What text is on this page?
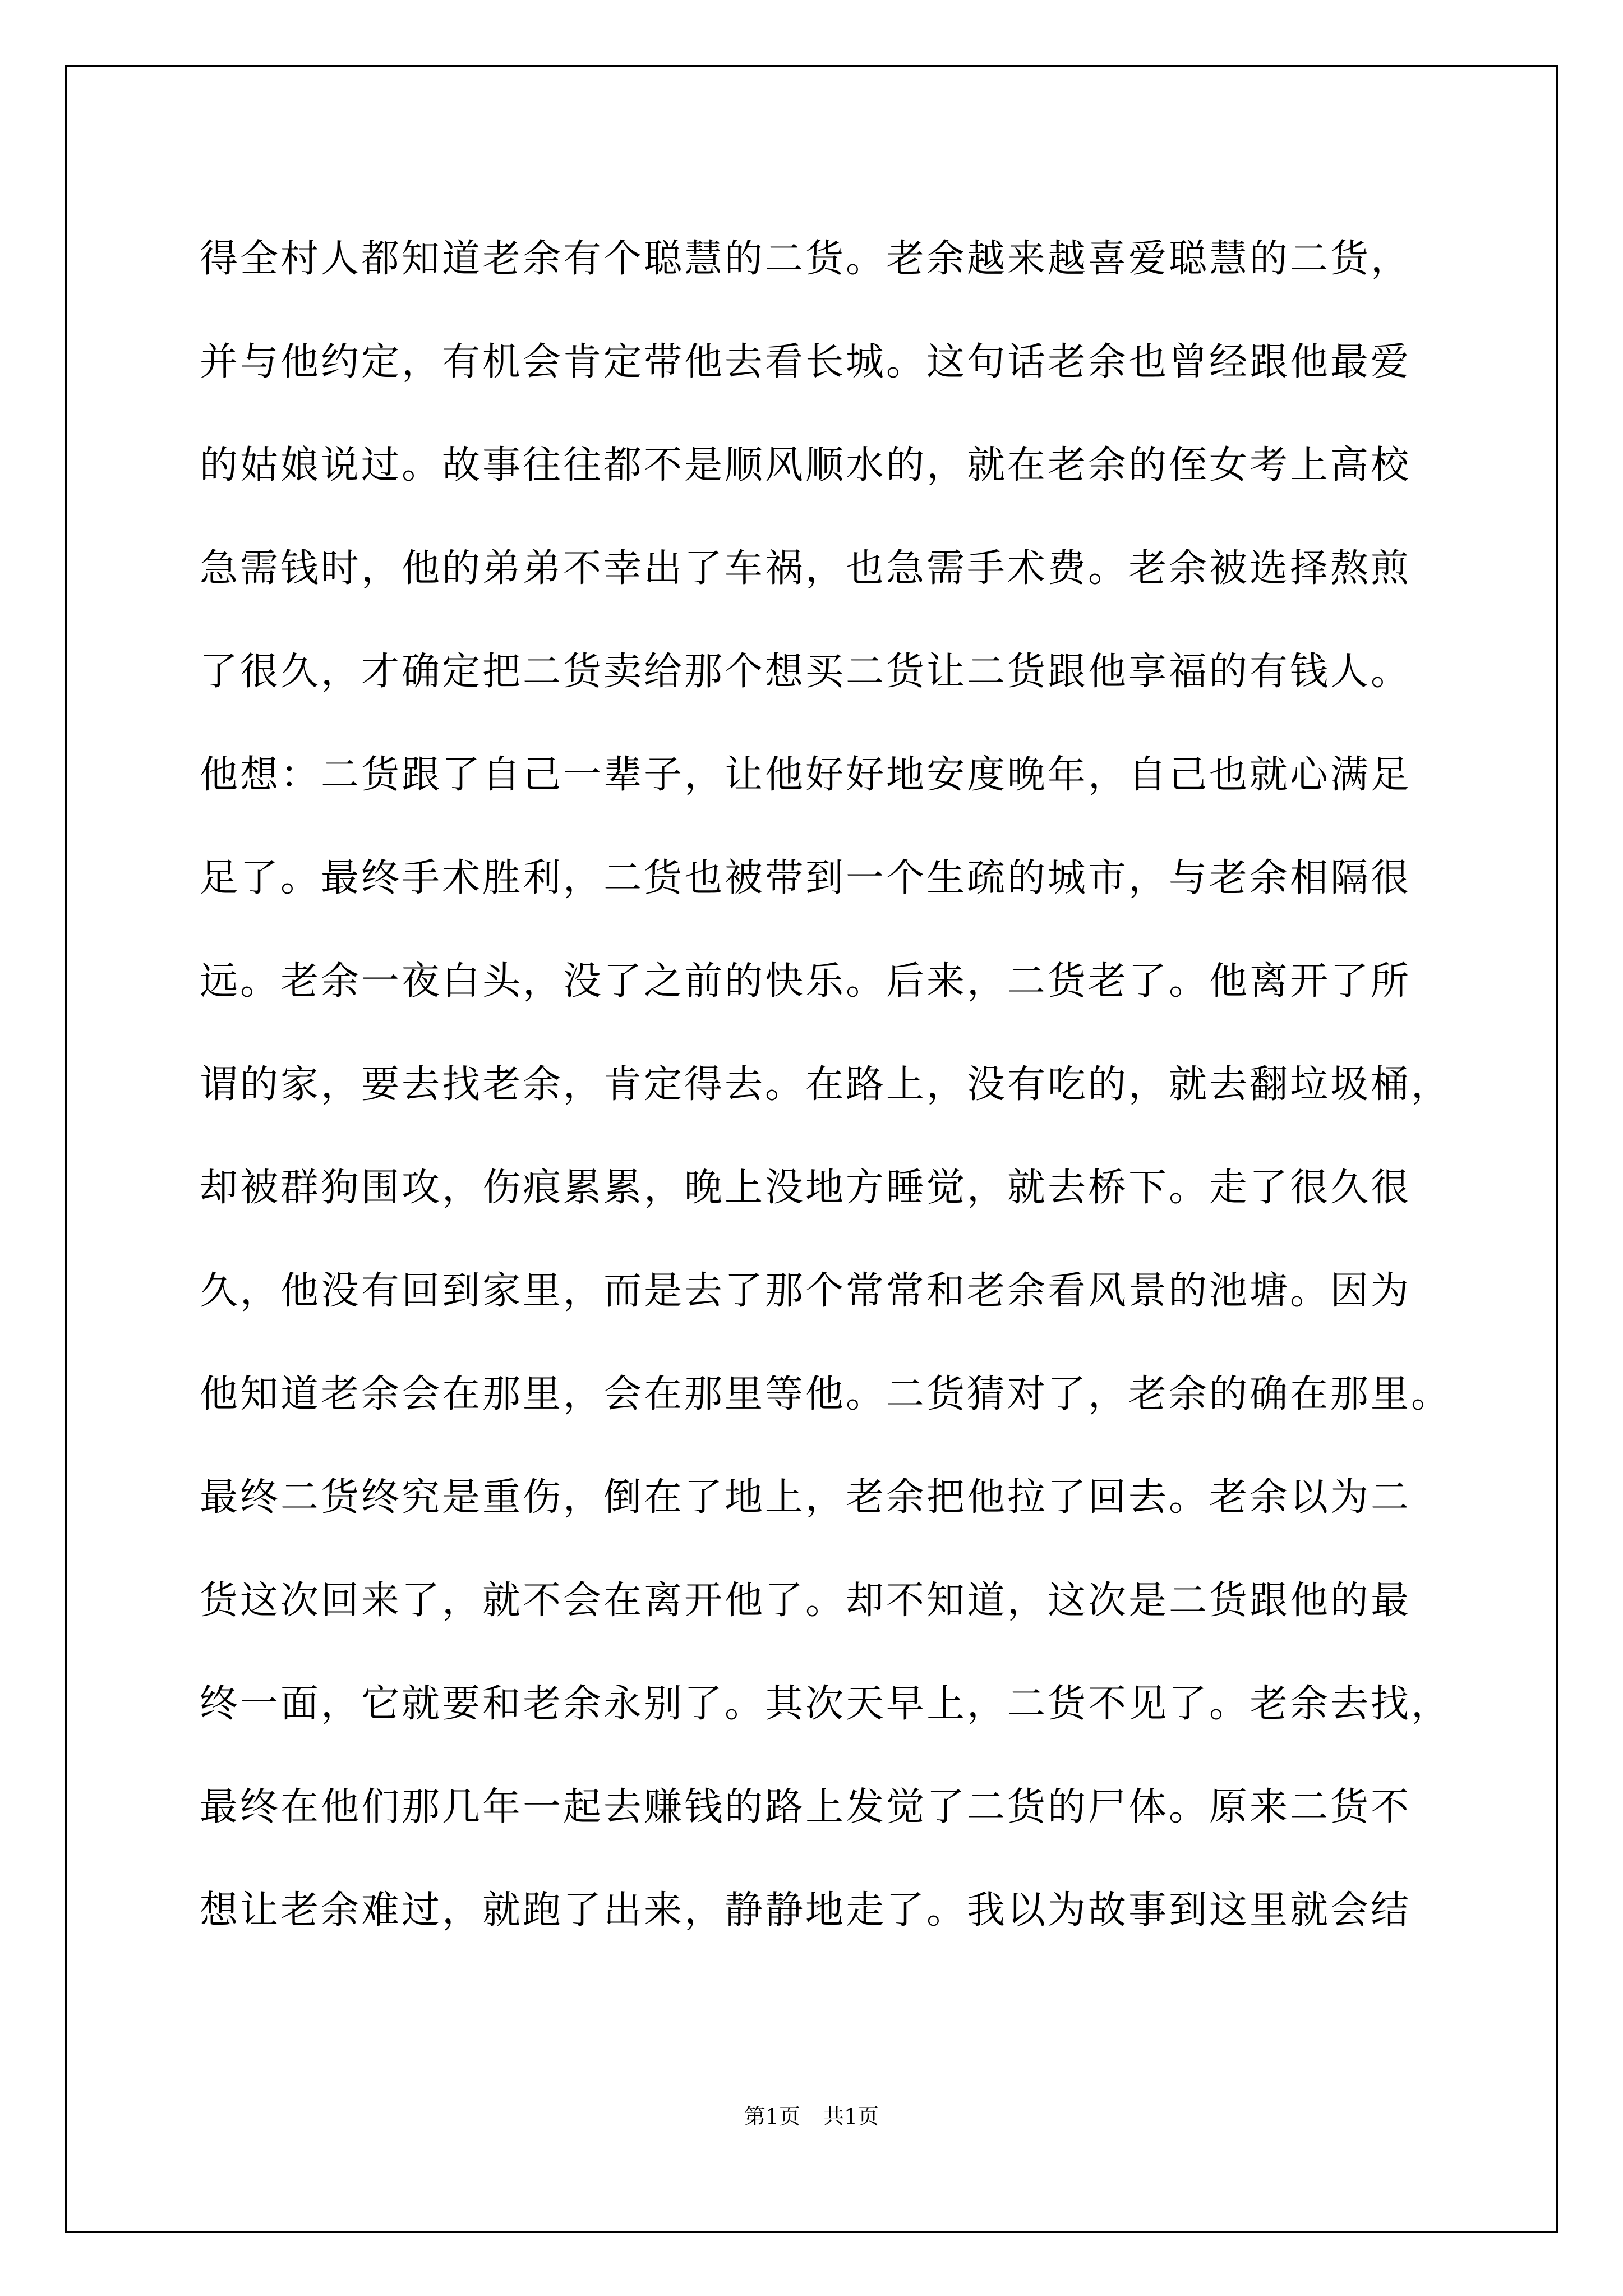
得全村人都知道老余有个聪慧的二货。老余越来越喜爱聪慧的二货，
并与他约定，有机会肯定带他去看长城。这句话老余也曾经跟他最爱
的姑娘说过。故事往往都不是顺风顺水的，就在老余的侄女考上高校
急需钱时，他的弟弟不幸出了车祸，也急需手术费。老余被选择熬煎
了很久，才确定把二货卖给那个想买二货让二货跟他享福的有钱人。
他想：二货跟了自己一辈子，让他好好地安度晚年，自己也就心满足
足了。最终手术胜利，二货也被带到一个生疏的城市，与老余相隔很
远。老余一夜白头，没了之前的快乐。后来，二货老了。他离开了所
谓的家，要去找老余，肯定得去。在路上，没有吃的，就去翻垃圾桶，
却被群狗围攻，伤痕累累，晚上没地方睡觉，就去桥下。走了很久很
久，他没有回到家里，而是去了那个常常和老余看风景的池塘。因为
他知道老余会在那里，会在那里等他。二货猜对了，老余的确在那里。
最终二货终究是重伤，倒在了地上，老余把他拉了回去。老余以为二
货这次回来了，就不会在离开他了。却不知道，这次是二货跟他的最
终一面，它就要和老余永别了。其次天早上，二货不见了。老余去找，
最终在他们那几年一起去赚钱的路上发觉了二货的尸体。原来二货不
想让老余难过，就跑了出来，静静地走了。我以为故事到这里就会结
第1页 共1页
